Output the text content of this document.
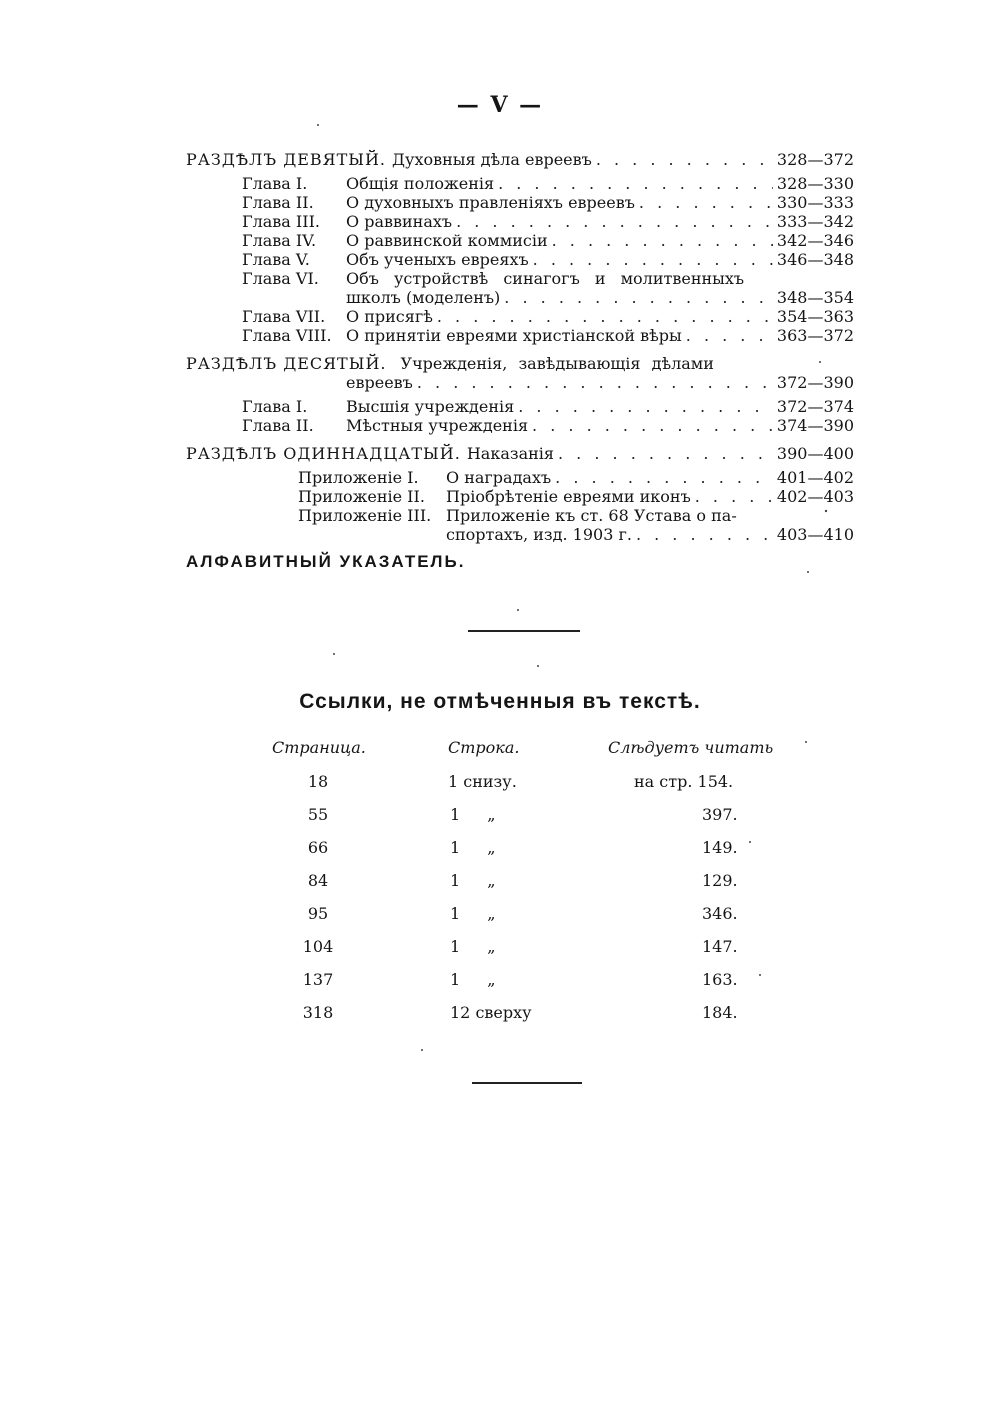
— V —
РАЗДѢЛЪ ДЕВЯТЫЙ. Духовныя дѣла евреевъ . . .	328—372
Глава I.	Общія положенія . . .	328—330
Глава II.	О духовныхъ правленіяхъ евреевъ . . .	330—333
Глава III.	О раввинахъ . . .	333—342
Глава IV.	О раввинской коммисіи . . .	342—346
Глава V.	Объ ученыхъ евреяхъ . . .	346—348
Глава VI.	Объ устройствѣ синагогъ и молитвенныхъ
школъ (моделенъ) . . .	348—354
Глава VII.	О присягѣ . . .	354—363
Глава VIII. О принятіи евреями христіанской вѣры . . .	363—372
РАЗДѢЛЪ ДЕСЯТЫЙ. Учрежденія, завѣдывающія дѣлами
евреевъ . . .	372—390
Глава I.	Высшія учрежденія . . .	372—374
Глава II.	Мѣстныя учрежденія . . .	374—390
РАЗДѢЛЪ ОДИННАДЦАТЫЙ. Наказанія . . .	390—400
Приложеніе I.	О наградахъ . . .	401—402
Приложеніе II.	Пріобрѣтеніе евреями иконъ . . .	402—403
Приложеніе III. Приложеніе къ ст. 68 Устава о па-
спортахъ, изд. 1903 г. . . .	403—410
АЛФАВИТНЫЙ УКАЗАТЕЛЬ.
Ссылки, не отмѣченныя въ текстѣ.
Страница.	Строка.	Слѣдуетъ читать
18	1 снизу.	на стр. 154.
55	1 „	397.
66	1 „	149.
84	1 „	129.
95	1 „	346.
104	1 „	147.
137	1 „	163.
318	12 сверху	184.
